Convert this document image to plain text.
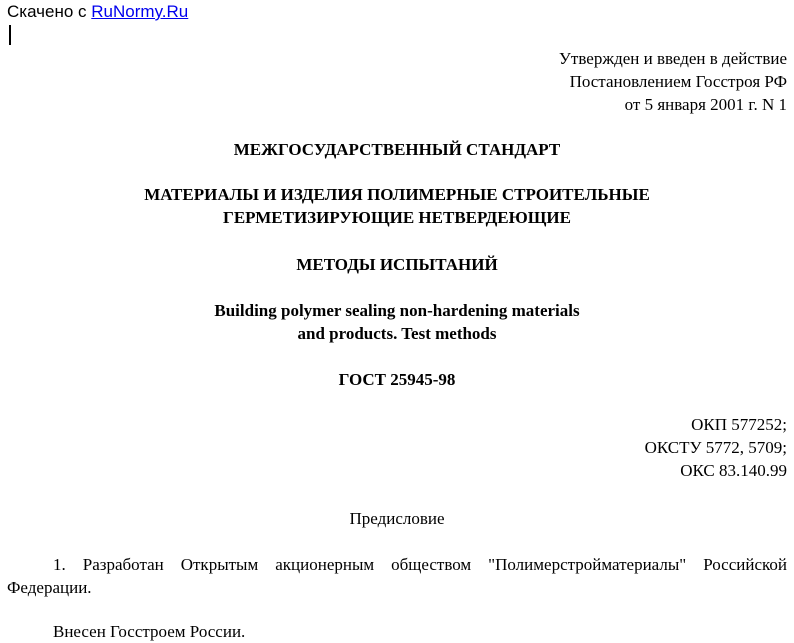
Скачено с RuNormy.Ru
Утвержден и введен в действие
Постановлением Госстроя РФ
от 5 января 2001 г. N 1
МЕЖГОСУДАРСТВЕННЫЙ СТАНДАРТ
МАТЕРИАЛЫ И ИЗДЕЛИЯ ПОЛИМЕРНЫЕ СТРОИТЕЛЬНЫЕ
ГЕРМЕТИЗИРУЮЩИЕ НЕТВЕРДЕЮЩИЕ
МЕТОДЫ ИСПЫТАНИЙ
Building polymer sealing non-hardening materials
and products. Test methods
ГОСТ 25945-98
ОКП 577252;
ОКСТУ 5772, 5709;
ОКС 83.140.99
Предисловие
1. Разработан Открытым акционерным обществом "Полимерстройматериалы" Российской Федерации.
Внесен Госстроем России.
